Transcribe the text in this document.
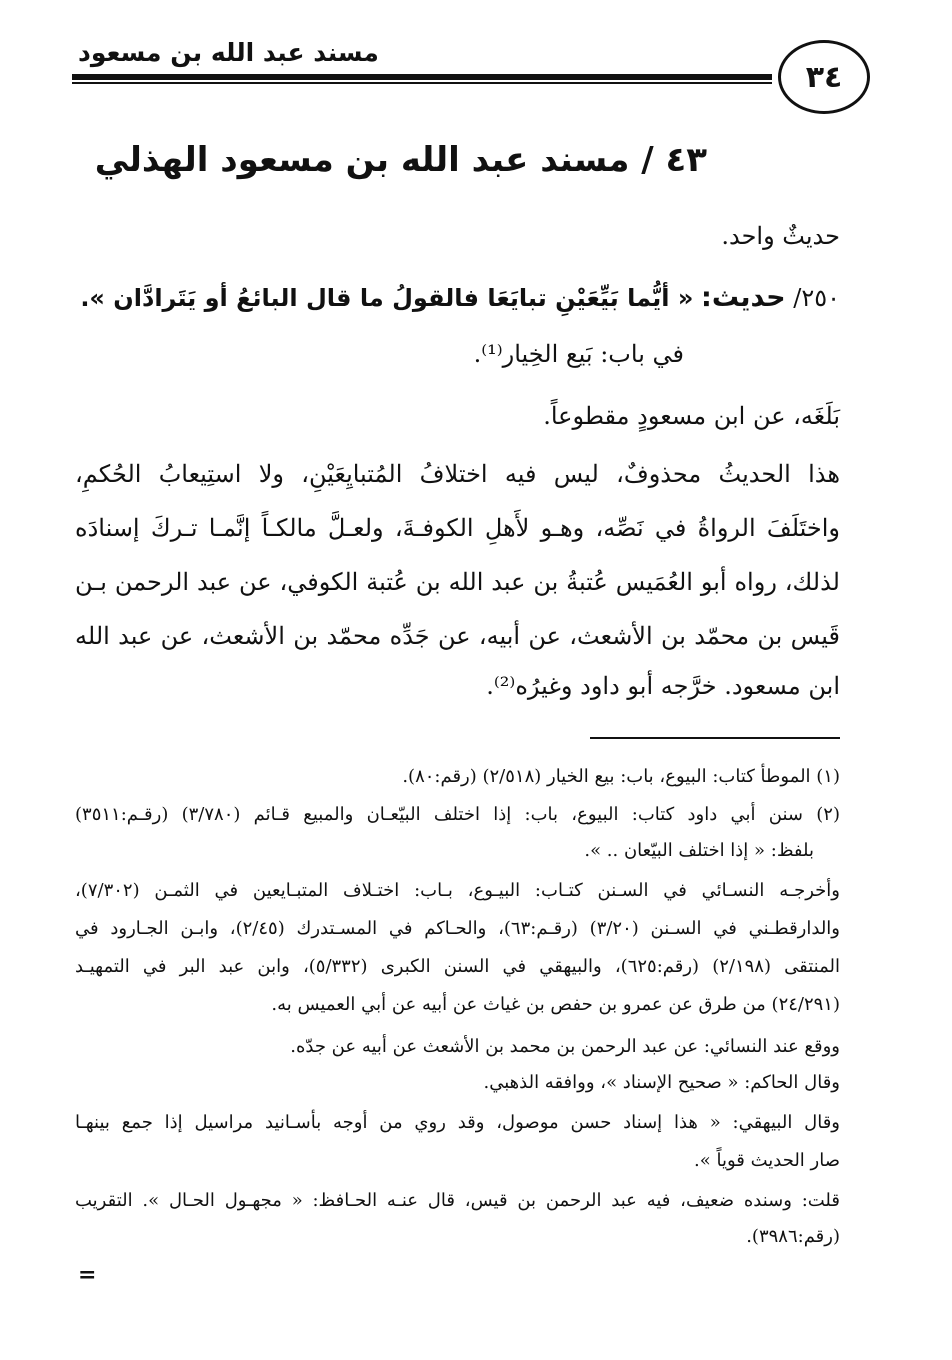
مسند عبد الله بن مسعود
٣٤
٤٣ / مسند عبد الله بن مسعود الهذلي
حديثٌ واحد.
٢٥٠/ حديث: « أيُّما بَيِّعَيْنِ تبايَعَا فالقولُ ما قال البائعُ أو يَتَرادَّان ».
في باب: بَيع الخِيار⁽¹⁾.
بَلَغَه، عن ابن مسعودٍ مقطوعاً.
هذا الحديثُ محذوفٌ، ليس فيه اختلافُ المُتبايِعَيْنِ، ولا استِيعابُ الحُكمِ،
واختَلَفَ الرواةُ في نَصِّه، وهـو لأَهلِ الكوفـةَ، ولعـلَّ مالكـاً إنَّمـا تـركَ إسنادَه
لذلك، رواه أبو العُمَيس عُتبةُ بن عبد الله بن عُتبة الكوفي، عن عبد الرحمن بـن
قَيس بن محمّد بن الأشعث، عن أبيه، عن جَدِّه محمّد بن الأشعث، عن عبد الله
ابن مسعود. خرَّجه أبو داود وغيرُه⁽²⁾.
(١) الموطأ كتاب: البيوع، باب: بيع الخيار (٢/٥١٨) (رقم:٨٠).
(٢) سنن أبي داود كتاب: البيوع، باب: إذا اختلف البيّعـان والمبيع قـائم (٣/٧٨٠) (رقـم:٣٥١١)
بلفظ: « إذا اختلف البيّعان .. ».
وأخرجـه النسـائي في السـنن كتـاب: البيـوع، بـاب: اختـلاف المتبـايعين في الثمـن (٧/٣٠٢)،
والدارقطـني في السـنن (٣/٢٠) (رقـم:٦٣)، والحـاكم في المسـتدرك (٢/٤٥)، وابـن الجـارود في
المنتقى (٢/١٩٨) (رقم:٦٢٥)، والبيهقي في السنن الكبرى (٥/٣٣٢)، وابن عبد البر في التمهيـد
(٢٤/٢٩١) من طرق عن عمرو بن حفص بن غياث عن أبيه عن أبي العميس به.
ووقع عند النسائي: عن عبد الرحمن بن محمد بن الأشعث عن أبيه عن جدّه.
وقال الحاكم: « صحيح الإسناد »، ووافقه الذهبي.
وقال البيهقي: « هذا إسناد حسن موصول، وقد روي من أوجه بأسـانيد مراسيل إذا جمع بينهـا
صار الحديث قوياً ».
قلت: وسنده ضعيف، فيه عبد الرحمن بن قيس، قال عنـه الحـافظ: « مجهـول الحـال ». التقريب
(رقم:٣٩٨٦).
=
